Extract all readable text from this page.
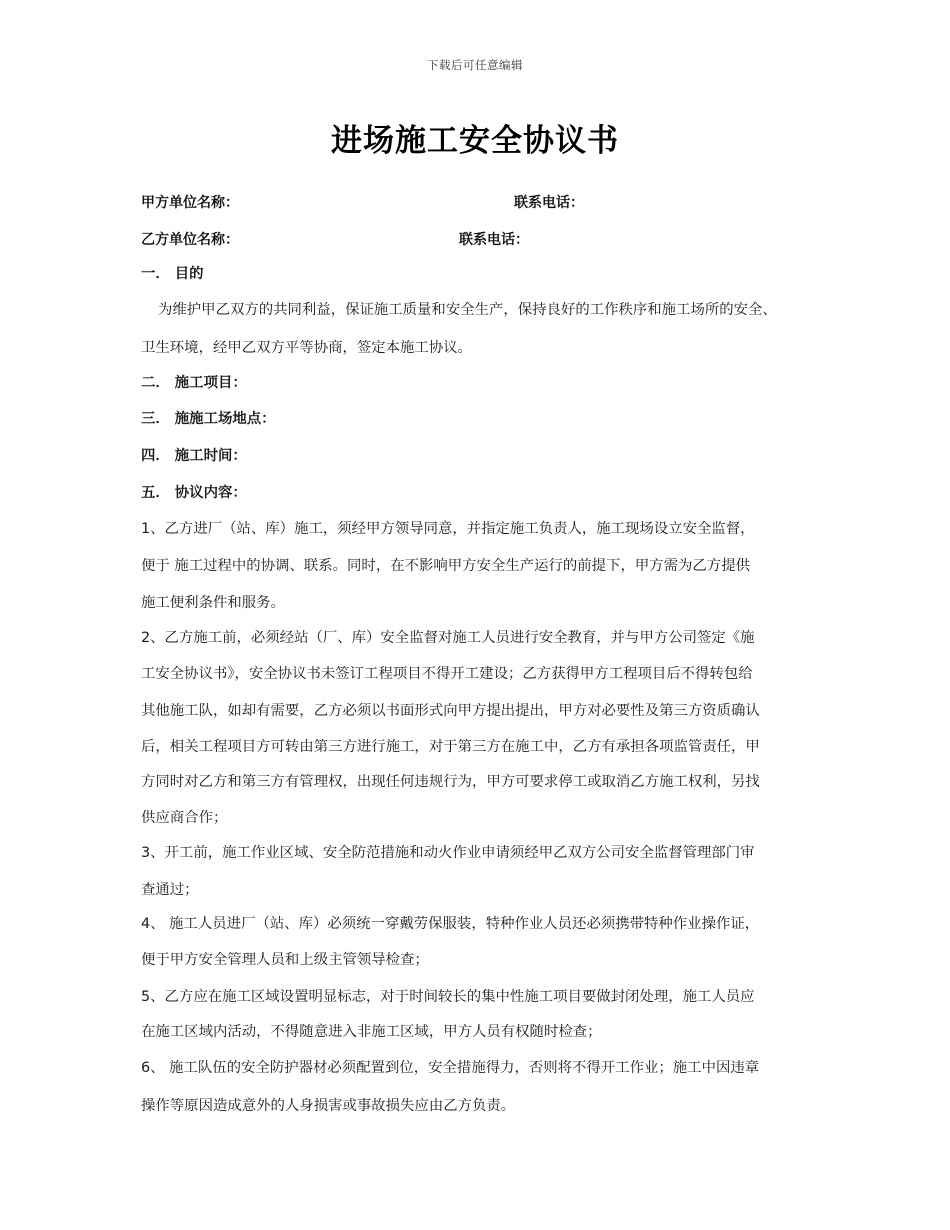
下载后可任意编辑
进场施工安全协议书
甲方单位名称：	联系电话：
乙方单位名称：	联系电话：
一． 目的
为维护甲乙双方的共同利益，保证施工质量和安全生产，保持良好的工作秩序和施工场所的安全、
卫生环境，经甲乙双方平等协商，签定本施工协议。
二． 施工项目：
三． 施施工场地点：
四． 施工时间：
五． 协议内容：
1、乙方进厂（站、库）施工，须经甲方领导同意，并指定施工负责人，施工现场设立安全监督，
便于 施工过程中的协调、联系。同时，在不影响甲方安全生产运行的前提下，甲方需为乙方提供
施工便利条件和服务。
2、乙方施工前，必须经站（厂、库）安全监督对施工人员进行安全教育，并与甲方公司签定《施
工安全协议书》，安全协议书未签订工程项目不得开工建设；乙方获得甲方工程项目后不得转包给
其他施工队，如却有需要，乙方必须以书面形式向甲方提出提出，甲方对必要性及第三方资质确认
后，相关工程项目方可转由第三方进行施工，对于第三方在施工中，乙方有承担各项监管责任，甲
方同时对乙方和第三方有管理权，出现任何违规行为，甲方可要求停工或取消乙方施工权利，另找
供应商合作；
3、开工前，施工作业区域、安全防范措施和动火作业申请须经甲乙双方公司安全监督管理部门审
查通过；
4、 施工人员进厂（站、库）必须统一穿戴劳保服装，特种作业人员还必须携带特种作业操作证，
便于甲方安全管理人员和上级主管领导检查；
5、乙方应在施工区域设置明显标志，对于时间较长的集中性施工项目要做封闭处理，施工人员应
在施工区域内活动，不得随意进入非施工区域，甲方人员有权随时检查；
6、 施工队伍的安全防护器材必须配置到位，安全措施得力，否则将不得开工作业；施工中因违章
操作等原因造成意外的人身损害或事故损失应由乙方负责。
